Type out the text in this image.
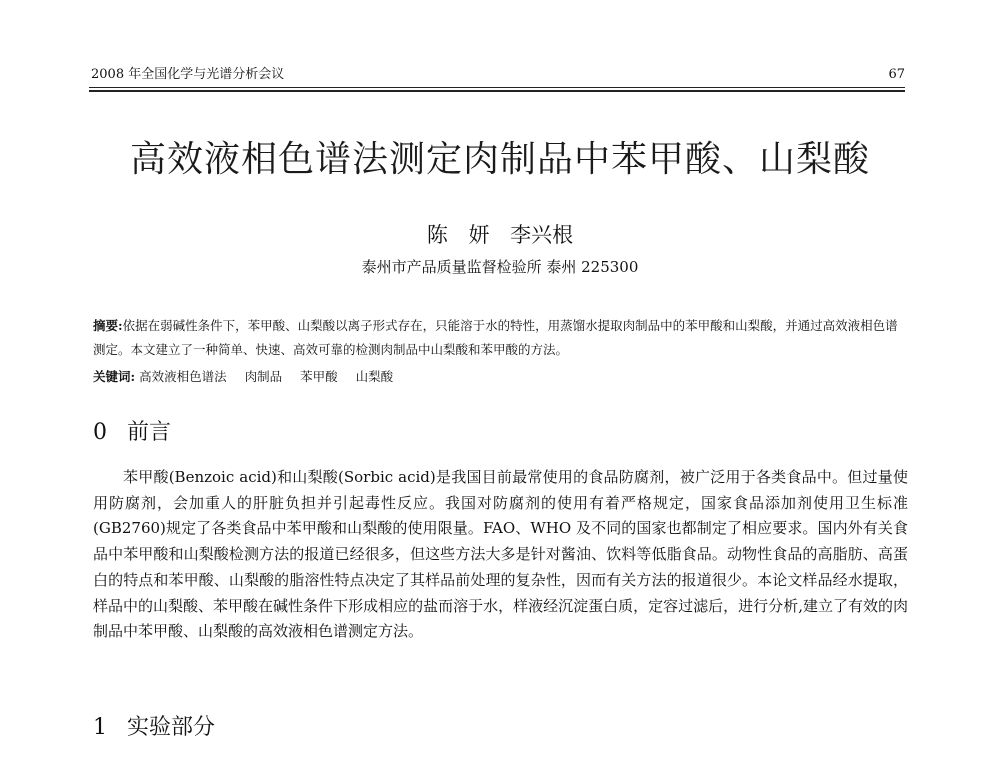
2008 年全国化学与光谱分析会议	67
高效液相色谱法测定肉制品中苯甲酸、山梨酸
陈 妍 李兴根
泰州市产品质量监督检验所 泰州 225300
摘要:依据在弱碱性条件下，苯甲酸、山梨酸以离子形式存在，只能溶于水的特性，用蒸馏水提取肉制品中的苯甲酸和山梨酸，并通过高效液相色谱测定。本文建立了一种简单、快速、高效可靠的检测肉制品中山梨酸和苯甲酸的方法。
关键词: 高效液相色谱法 肉制品 苯甲酸 山梨酸
0 前言
苯甲酸(Benzoic acid)和山梨酸(Sorbic acid)是我国目前最常使用的食品防腐剂，被广泛用于各类食品中。但过量使用防腐剂，会加重人的肝脏负担并引起毒性反应。我国对防腐剂的使用有着严格规定，国家食品添加剂使用卫生标准(GB2760)规定了各类食品中苯甲酸和山梨酸的使用限量。FAO、WHO 及不同的国家也都制定了相应要求。国内外有关食品中苯甲酸和山梨酸检测方法的报道已经很多，但这些方法大多是针对酱油、饮料等低脂食品。动物性食品的高脂肪、高蛋白的特点和苯甲酸、山梨酸的脂溶性特点决定了其样品前处理的复杂性，因而有关方法的报道很少。本论文样品经水提取，样品中的山梨酸、苯甲酸在碱性条件下形成相应的盐而溶于水，样液经沉淀蛋白质，定容过滤后，进行分析,建立了有效的肉制品中苯甲酸、山梨酸的高效液相色谱测定方法。
1 实验部分
